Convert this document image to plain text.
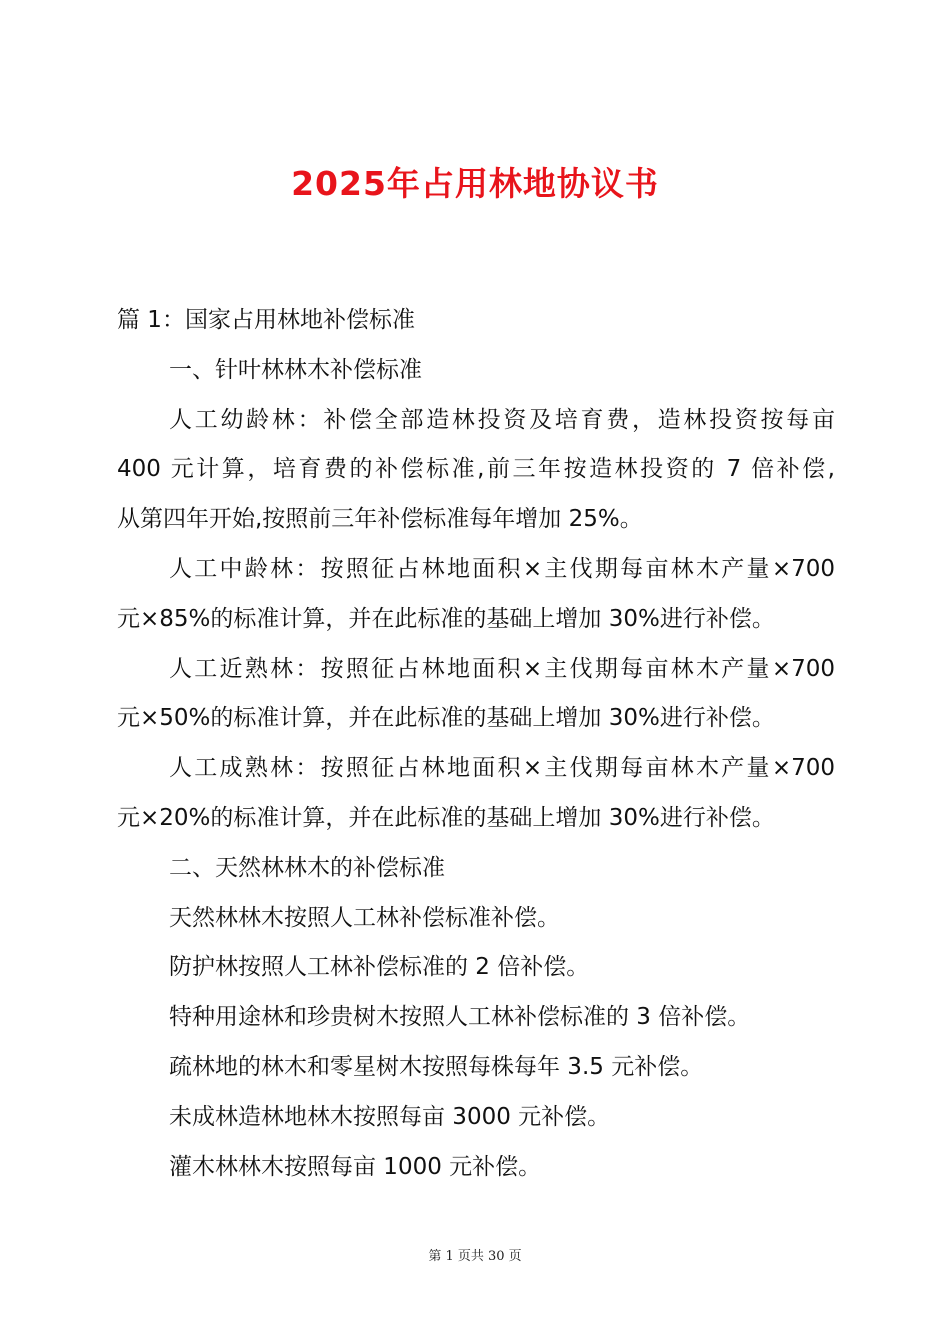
2025年占用林地协议书
篇 1：国家占用林地补偿标准
一、针叶林林木补偿标准
人工幼龄林：补偿全部造林投资及培育费，造林投资按每亩
400 元计算，培育费的补偿标准,前三年按造林投资的 7 倍补偿,
从第四年开始,按照前三年补偿标准每年增加 25%。
人工中龄林：按照征占林地面积×主伐期每亩林木产量×700
元×85%的标准计算，并在此标准的基础上增加 30%进行补偿。
人工近熟林：按照征占林地面积×主伐期每亩林木产量×700
元×50%的标准计算，并在此标准的基础上增加 30%进行补偿。
人工成熟林：按照征占林地面积×主伐期每亩林木产量×700
元×20%的标准计算，并在此标准的基础上增加 30%进行补偿。
二、天然林林木的补偿标准
天然林林木按照人工林补偿标准补偿。
防护林按照人工林补偿标准的 2 倍补偿。
特种用途林和珍贵树木按照人工林补偿标准的 3 倍补偿。
疏林地的林木和零星树木按照每株每年 3.5 元补偿。
未成林造林地林木按照每亩 3000 元补偿。
灌木林林木按照每亩 1000 元补偿。
第 1 页共 30 页
